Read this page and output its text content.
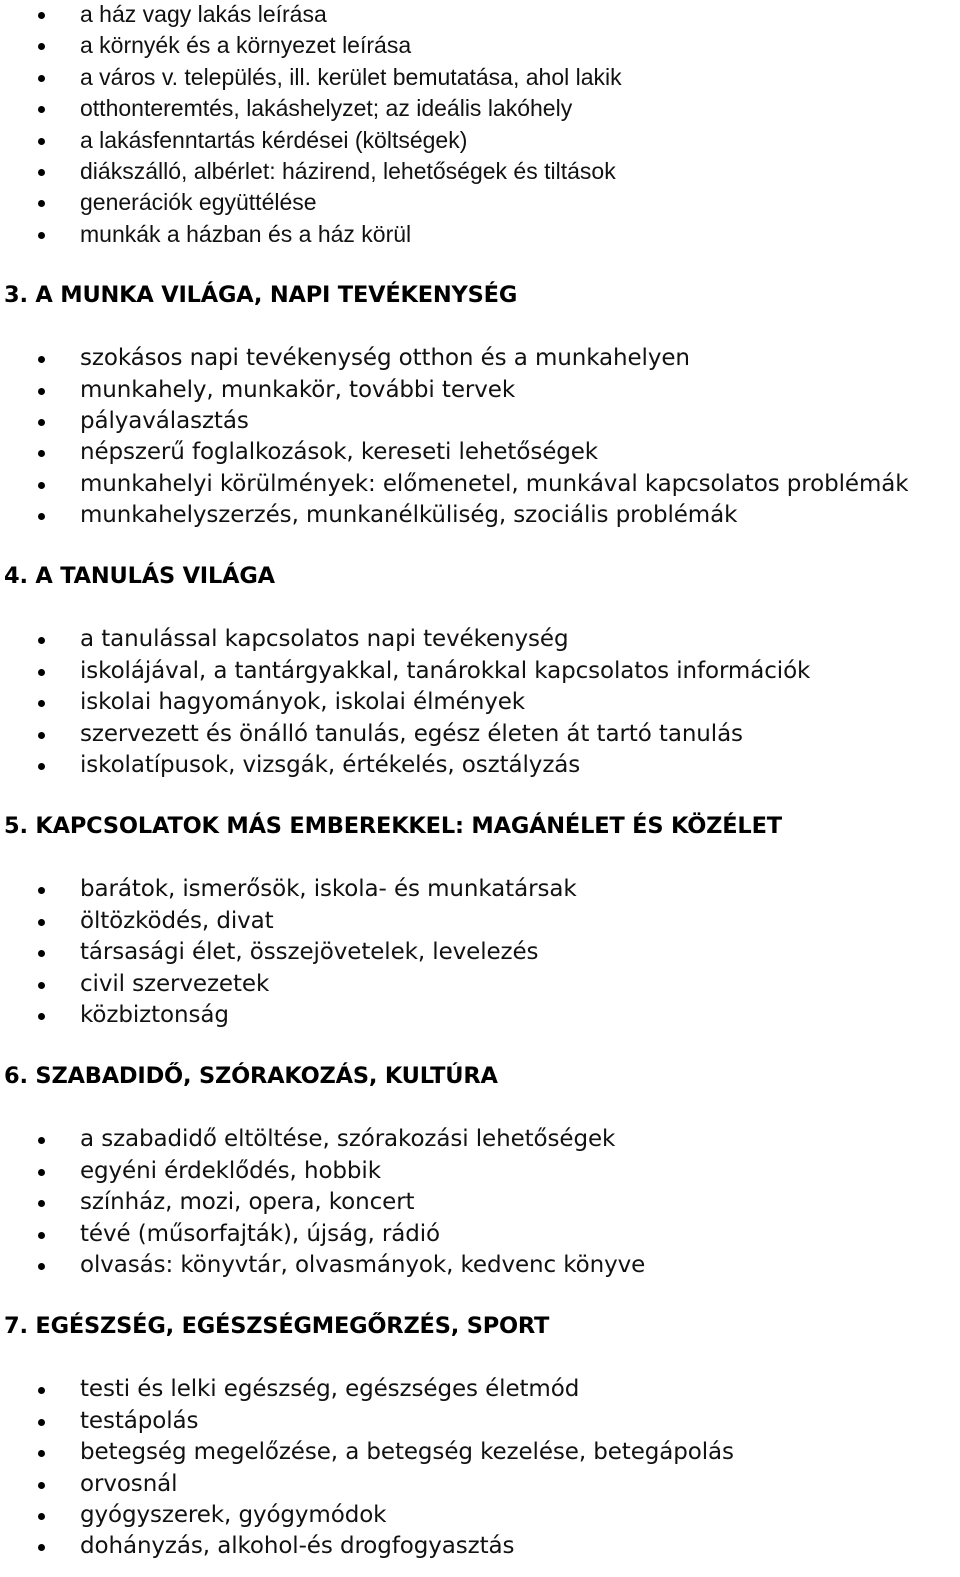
a ház vagy lakás leírása
a környék és a környezet leírása
a város v. település, ill. kerület bemutatása, ahol lakik
otthonteremtés, lakáshelyzet; az ideális lakóhely
a lakásfenntartás kérdései (költségek)
diákszálló, albérlet: házirend, lehetőségek és tiltások
generációk együttélése
munkák a házban és a ház körül
3. A MUNKA VILÁGA, NAPI TEVÉKENYSÉG
szokásos napi tevékenység otthon és a munkahelyen
munkahely, munkakör, további tervek
pályaválasztás
népszerű foglalkozások, kereseti lehetőségek
munkahelyi körülmények: előmenetel, munkával kapcsolatos problémák
munkahelyszerzés, munkanélküliség, szociális problémák
4. A TANULÁS VILÁGA
a tanulással kapcsolatos napi tevékenység
iskolájával, a tantárgyakkal, tanárokkal kapcsolatos információk
iskolai hagyományok, iskolai élmények
szervezett és önálló tanulás, egész életen át tartó tanulás
iskolatípusok, vizsgák, értékelés, osztályzás
5. KAPCSOLATOK MÁS EMBEREKKEL: MAGÁNÉLET ÉS KÖZÉLET
barátok, ismerősök, iskola- és munkatársak
öltözködés, divat
társasági élet, összejövetelek, levelezés
civil szervezetek
közbiztonság
6. SZABADIDŐ, SZÓRAKOZÁS, KULTÚRA
a szabadidő eltöltése, szórakozási lehetőségek
egyéni érdeklődés, hobbik
színház, mozi, opera, koncert
tévé (műsorfajták), újság, rádió
olvasás: könyvtár, olvasmányok, kedvenc könyve
7. EGÉSZSÉG, EGÉSZSÉGMEGŐRZÉS, SPORT
testi és lelki egészség, egészséges életmód
testápolás
betegség megelőzése, a betegség kezelése, betegápolás
orvosnál
gyógyszerek, gyógymódok
dohányzás, alkohol-és drogfogyasztás
